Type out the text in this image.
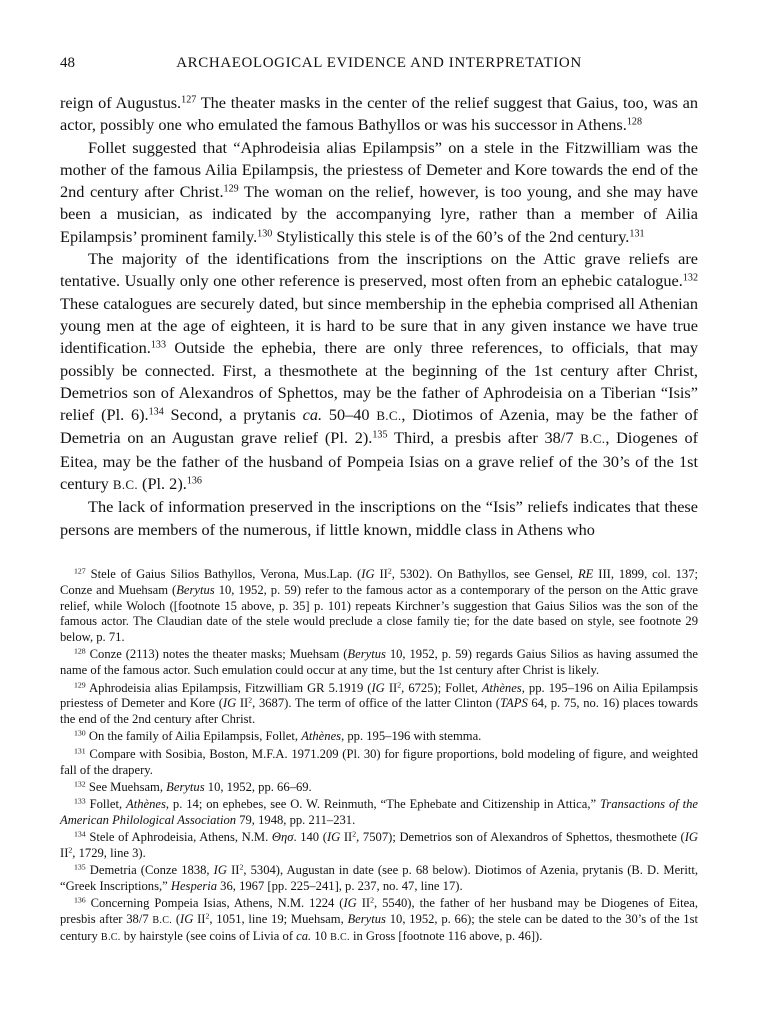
48	ARCHAEOLOGICAL EVIDENCE AND INTERPRETATION

reign of Augustus.$^{127}$ The theater masks in the center of the relief suggest that Gaius, too, was an actor, possibly one who emulated the famous Bathyllos or was his successor in Athens.$^{128}$

Follet suggested that “Aphrodeisia alias Epilampsis” on a stele in the Fitzwilliam was the mother of the famous Ailia Epilampsis, the priestess of Demeter and Kore towards the end of the 2nd century after Christ.$^{129}$ The woman on the relief, however, is too young, and she may have been a musician, as indicated by the accompanying lyre, rather than a member of Ailia Epilampsis’ prominent family.$^{130}$ Stylistically this stele is of the 60’s of the 2nd century.$^{131}$

The majority of the identifications from the inscriptions on the Attic grave reliefs are tentative. Usually only one other reference is preserved, most often from an ephebic catalogue.$^{132}$ These catalogues are securely dated, but since membership in the ephebia comprised all Athenian young men at the age of eighteen, it is hard to be sure that in any given instance we have true identification.$^{133}$ Outside the ephebia, there are only three references, to officials, that may possibly be connected. First, a thesmothete at the beginning of the 1st century after Christ, Demetrios son of Alexandros of Sphettos, may be the father of Aphrodeisia on a Tiberian “Isis” relief (Pl. 6).$^{134}$ Second, a prytanis ca. 50–40 B.C., Diotimos of Azenia, may be the father of Demetria on an Augustan grave relief (Pl. 2).$^{135}$ Third, a presbis after 38/7 B.C., Diogenes of Eitea, may be the father of the husband of Pompeia Isias on a grave relief of the 30’s of the 1st century B.C. (Pl. 2).$^{136}$

The lack of information preserved in the inscriptions on the “Isis” reliefs indicates that these persons are members of the numerous, if little known, middle class in Athens who

$^{127}$ Stele of Gaius Silios Bathyllos, Verona, Mus.Lap. (IG $II^2$, 5302). On Bathyllos, see Gensel, RE III, 1899, col. 137; Conze and Muehsam (Berytus 10, 1952, p. 59) refer to the famous actor as a contemporary of the person on the Attic grave relief, while Woloch ([footnote 15 above, p. 35] p. 101) repeats Kirchner’s suggestion that Gaius Silios was the son of the famous actor. The Claudian date of the stele would preclude a close family tie; for the date based on style, see footnote 29 below, p. 71.

$^{128}$ Conze (2113) notes the theater masks; Muehsam (Berytus 10, 1952, p. 59) regards Gaius Silios as having assumed the name of the famous actor. Such emulation could occur at any time, but the 1st century after Christ is likely.

$^{129}$ Aphrodeisia alias Epilampsis, Fitzwilliam GR 5.1919 (IG $II^2$, 6725); Follet, Athènes, pp. 195–196 on Ailia Epilampsis priestess of Demeter and Kore (IG $II^2$, 3687). The term of office of the latter Clinton (TAPS 64, p. 75, no. 16) places towards the end of the 2nd century after Christ.

$^{130}$ On the family of Ailia Epilampsis, Follet, Athènes, pp. 195–196 with stemma.

$^{131}$ Compare with Sosibia, Boston, M.F.A. 1971.209 (Pl. 30) for figure proportions, bold modeling of figure, and weighted fall of the drapery.

$^{132}$ See Muehsam, Berytus 10, 1952, pp. 66–69.

$^{133}$ Follet, Athènes, p. 14; on ephebes, see O. W. Reinmuth, “The Ephebate and Citizenship in Attica,” Transactions of the American Philological Association 79, 1948, pp. 211–231.

$^{134}$ Stele of Aphrodeisia, Athens, N.M. Θησ. 140 (IG $II^2$, 7507); Demetrios son of Alexandros of Sphettos, thesmothete (IG $II^2$, 1729, line 3).

$^{135}$ Demetria (Conze 1838, IG $II^2$, 5304), Augustan in date (see p. 68 below). Diotimos of Azenia, prytanis (B. D. Meritt, “Greek Inscriptions,” Hesperia 36, 1967 [pp. 225–241], p. 237, no. 47, line 17).

$^{136}$ Concerning Pompeia Isias, Athens, N.M. 1224 (IG $II^2$, 5540), the father of her husband may be Diogenes of Eitea, presbis after 38/7 B.C. (IG $II^2$, 1051, line 19; Muehsam, Berytus 10, 1952, p. 66); the stele can be dated to the 30’s of the 1st century B.C. by hairstyle (see coins of Livia of ca. 10 B.C. in Gross [footnote 116 above, p. 46]).
